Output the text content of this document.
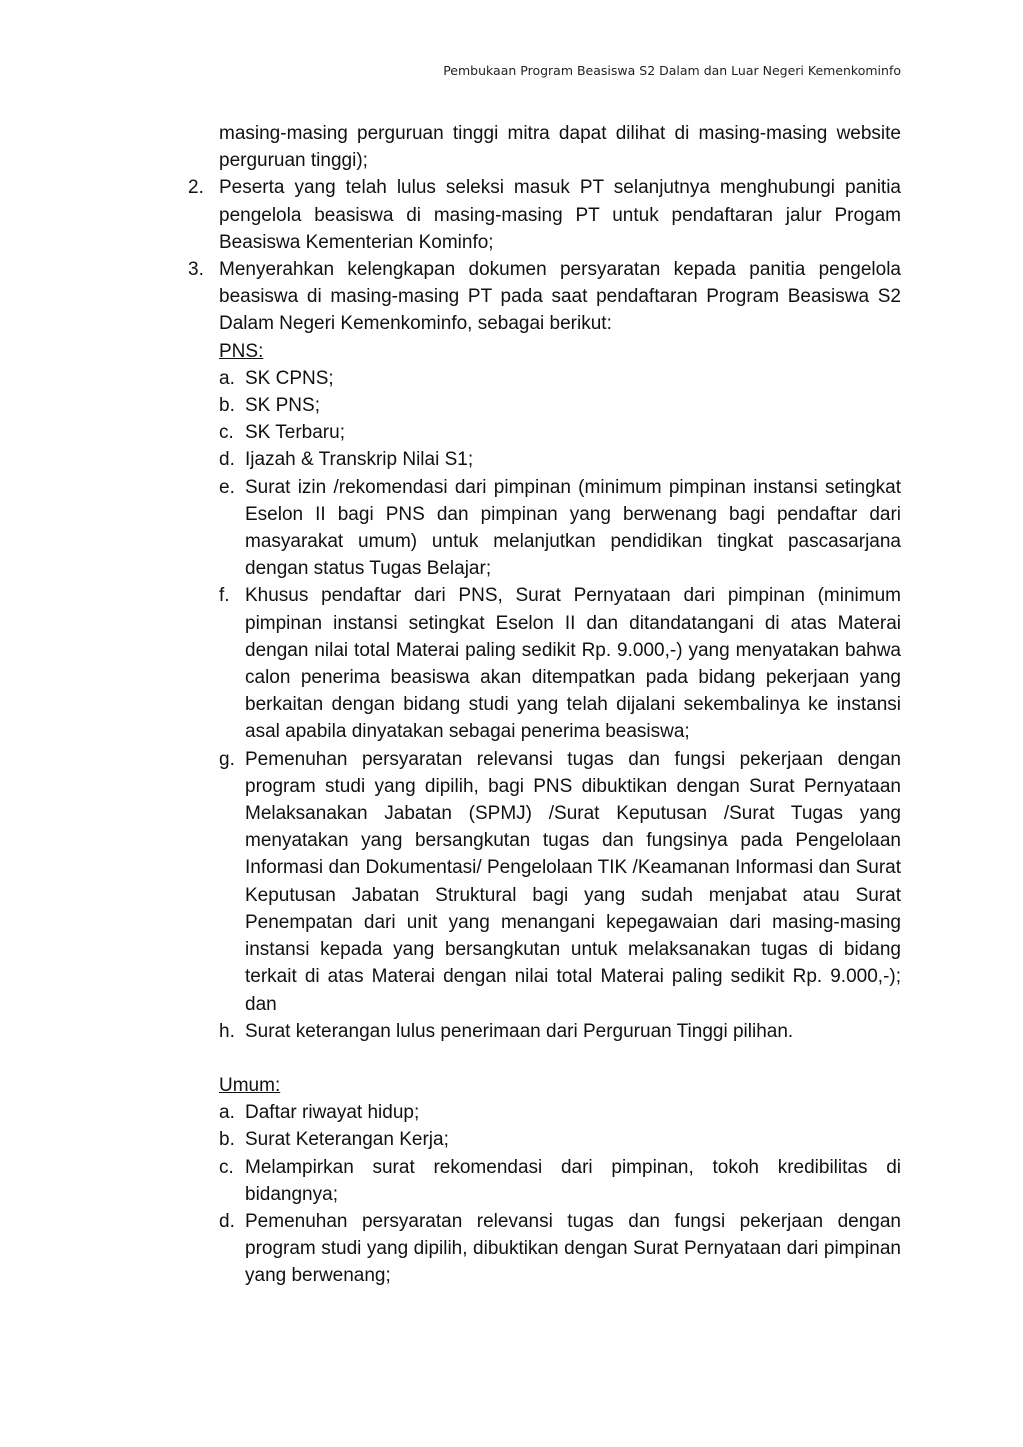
Pembukaan Program Beasiswa S2 Dalam dan Luar Negeri Kemenkominfo
masing-masing perguruan tinggi mitra dapat dilihat di masing-masing website perguruan tinggi);
2. Peserta yang telah lulus seleksi masuk PT selanjutnya menghubungi panitia pengelola beasiswa di masing-masing PT untuk pendaftaran jalur Progam Beasiswa Kementerian Kominfo;
3. Menyerahkan kelengkapan dokumen persyaratan kepada panitia pengelola beasiswa di masing-masing PT pada saat pendaftaran Program Beasiswa S2 Dalam Negeri Kemenkominfo, sebagai berikut:
PNS:
a. SK CPNS;
b. SK PNS;
c. SK Terbaru;
d. Ijazah & Transkrip Nilai S1;
e. Surat izin /rekomendasi dari pimpinan (minimum pimpinan instansi setingkat Eselon II bagi PNS dan pimpinan yang berwenang bagi pendaftar dari masyarakat umum) untuk melanjutkan pendidikan tingkat pascasarjana dengan status Tugas Belajar;
f. Khusus pendaftar dari PNS, Surat Pernyataan dari pimpinan (minimum pimpinan instansi setingkat Eselon II dan ditandatangani di atas Materai dengan nilai total Materai paling sedikit Rp. 9.000,-) yang menyatakan bahwa calon penerima beasiswa akan ditempatkan pada bidang pekerjaan yang berkaitan dengan bidang studi yang telah dijalani sekembalinya ke instansi asal apabila dinyatakan sebagai penerima beasiswa;
g. Pemenuhan persyaratan relevansi tugas dan fungsi pekerjaan dengan program studi yang dipilih, bagi PNS dibuktikan dengan Surat Pernyataan Melaksanakan Jabatan (SPMJ) /Surat Keputusan /Surat Tugas yang menyatakan yang bersangkutan tugas dan fungsinya pada Pengelolaan Informasi dan Dokumentasi/ Pengelolaan TIK /Keamanan Informasi dan Surat Keputusan Jabatan Struktural bagi yang sudah menjabat atau Surat Penempatan dari unit yang menangani kepegawaian dari masing-masing instansi kepada yang bersangkutan untuk melaksanakan tugas di bidang terkait di atas Materai dengan nilai total Materai paling sedikit Rp. 9.000,-); dan
h. Surat keterangan lulus penerimaan dari Perguruan Tinggi pilihan.
Umum:
a. Daftar riwayat hidup;
b. Surat Keterangan Kerja;
c. Melampirkan surat rekomendasi dari pimpinan, tokoh kredibilitas di bidangnya;
d. Pemenuhan persyaratan relevansi tugas dan fungsi pekerjaan dengan program studi yang dipilih, dibuktikan dengan Surat Pernyataan dari pimpinan yang berwenang;
